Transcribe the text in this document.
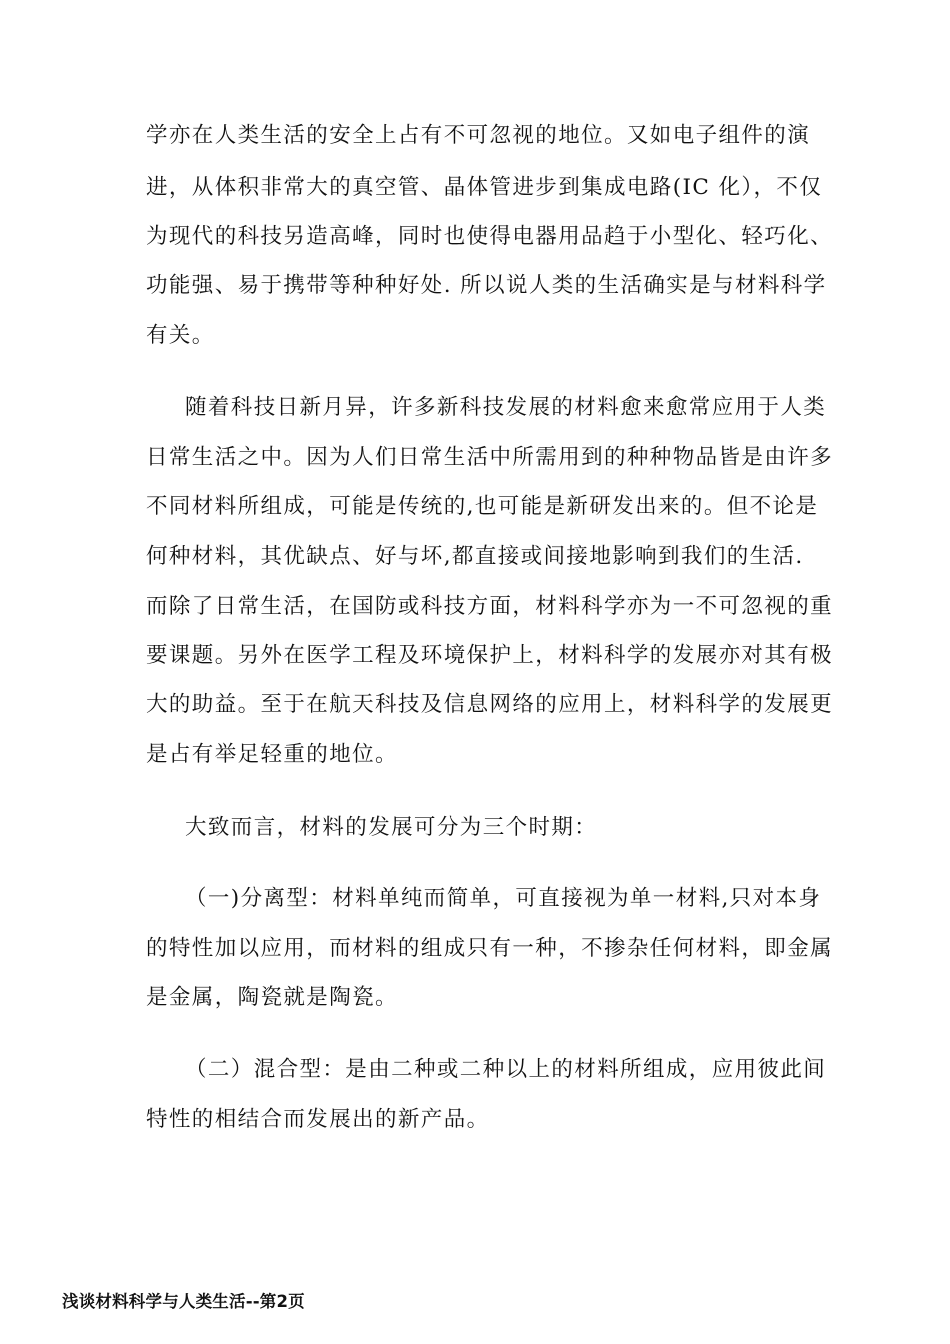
学亦在人类生活的安全上占有不可忽视的地位。又如电子组件的演
进，从体积非常大的真空管、晶体管进步到集成电路(IC 化），不仅
为现代的科技另造高峰，同时也使得电器用品趋于小型化、轻巧化、
功能强、易于携带等种种好处. 所以说人类的生活确实是与材料科学
有关。
随着科技日新月异，许多新科技发展的材料愈来愈常应用于人类
日常生活之中。因为人们日常生活中所需用到的种种物品皆是由许多
不同材料所组成，可能是传统的,也可能是新研发出来的。但不论是
何种材料，其优缺点、好与坏,都直接或间接地影响到我们的生活.
而除了日常生活，在国防或科技方面，材料科学亦为一不可忽视的重
要课题。另外在医学工程及环境保护上，材料科学的发展亦对其有极
大的助益。至于在航天科技及信息网络的应用上，材料科学的发展更
是占有举足轻重的地位。
大致而言，材料的发展可分为三个时期：
（一)分离型：材料单纯而简单，可直接视为单一材料,只对本身
的特性加以应用，而材料的组成只有一种，不掺杂任何材料，即金属
是金属，陶瓷就是陶瓷。
（二）混合型：是由二种或二种以上的材料所组成，应用彼此间
特性的相结合而发展出的新产品。
浅谈材料科学与人类生活--第2页
